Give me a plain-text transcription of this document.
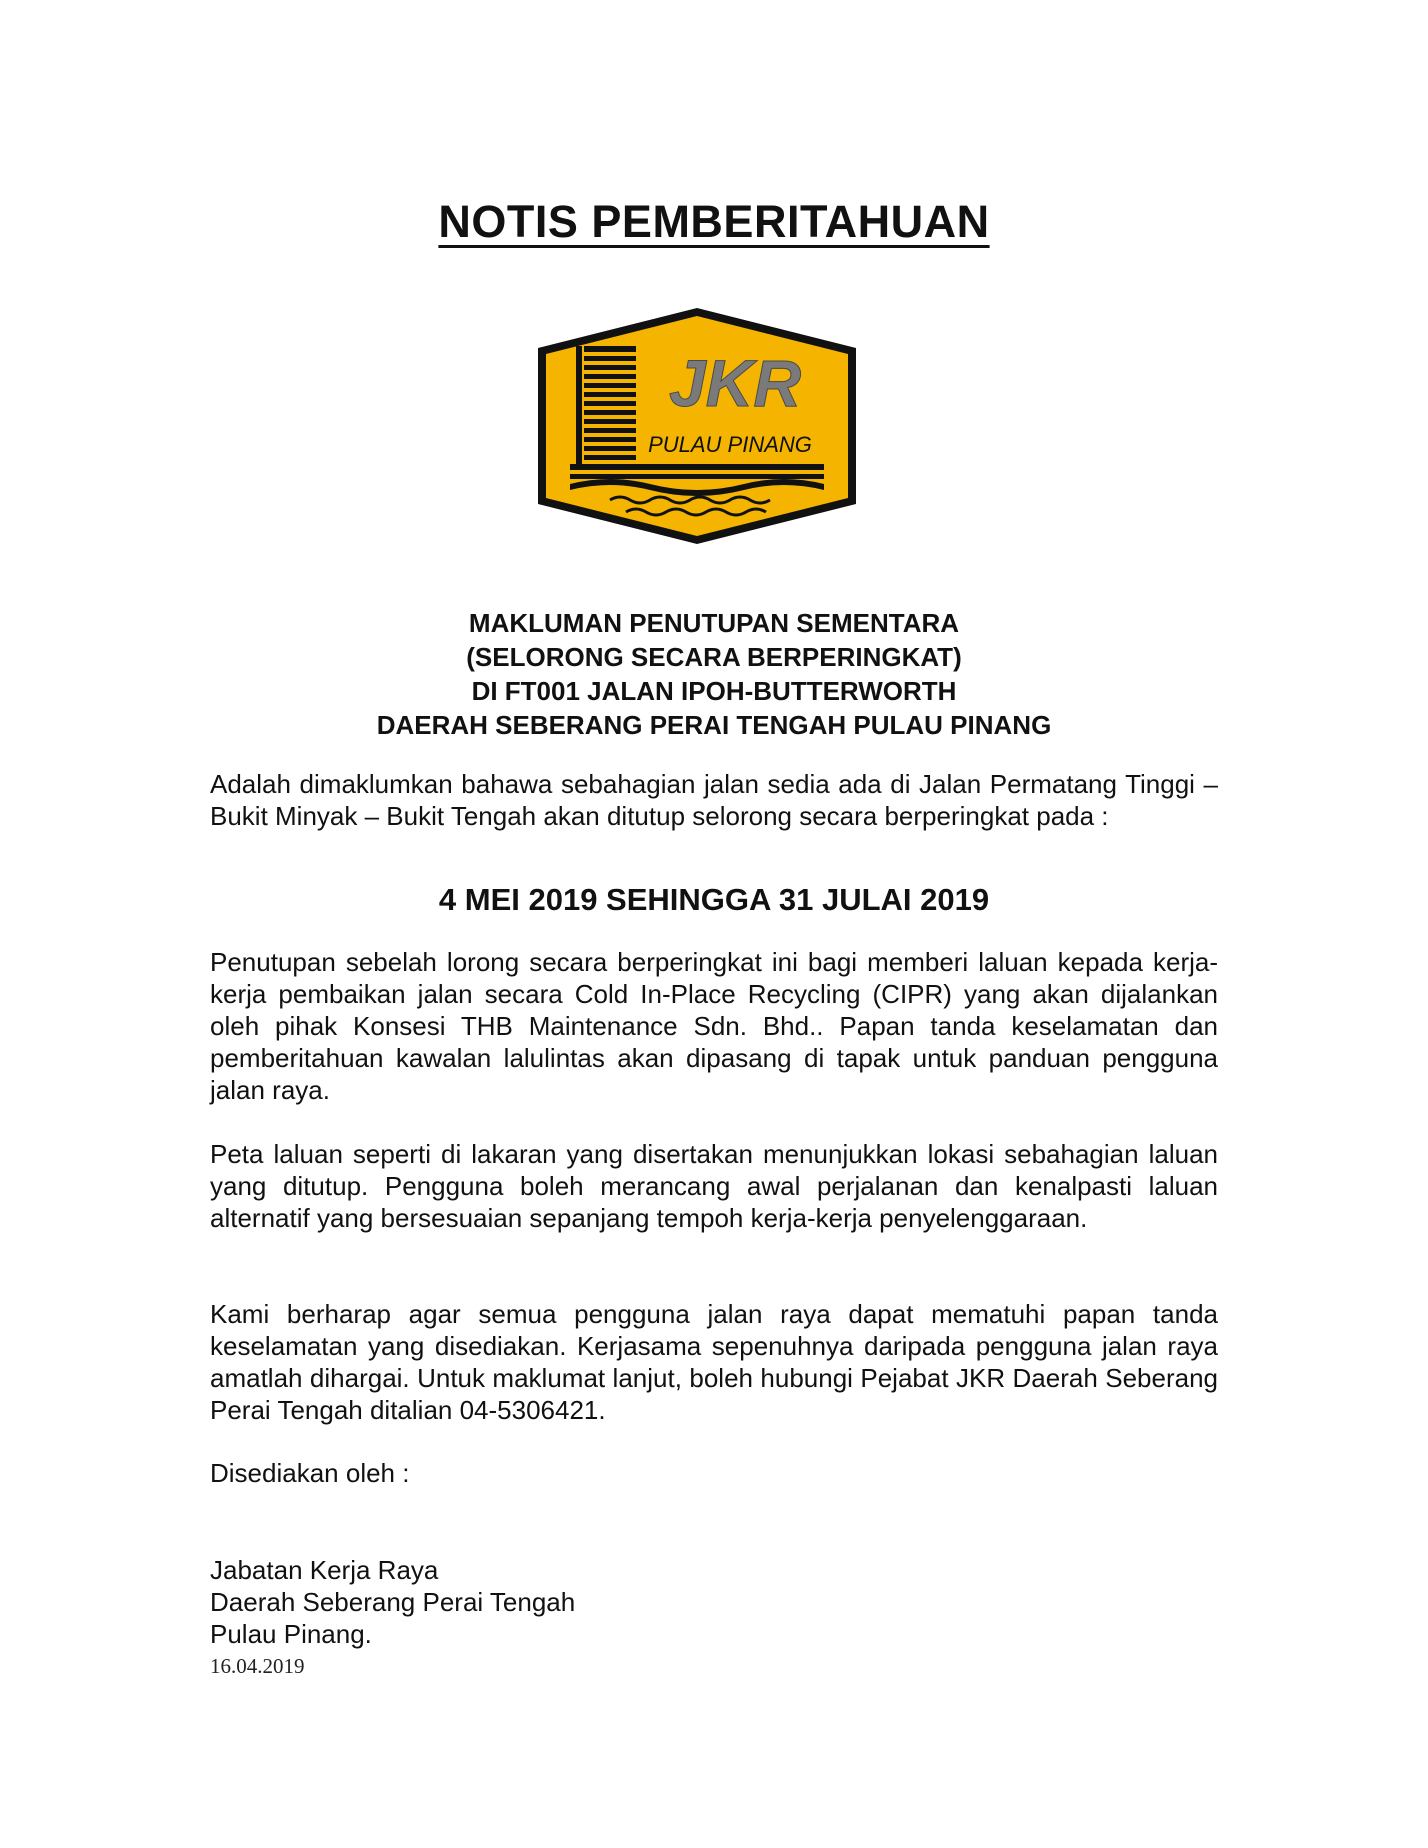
NOTIS PEMBERITAHUAN
JKR
PULAU PINANG
MAKLUMAN PENUTUPAN SEMENTARA
(SELORONG SECARA BERPERINGKAT)
DI FT001 JALAN IPOH-BUTTERWORTH
DAERAH SEBERANG PERAI TENGAH PULAU PINANG
Adalah dimaklumkan bahawa sebahagian jalan sedia ada di Jalan Permatang Tinggi – Bukit Minyak – Bukit Tengah akan ditutup selorong secara berperingkat pada :
4 MEI 2019 SEHINGGA 31 JULAI 2019
Penutupan sebelah lorong secara berperingkat ini bagi memberi laluan kepada kerja-kerja pembaikan jalan secara Cold In-Place Recycling (CIPR) yang akan dijalankan oleh pihak Konsesi THB Maintenance Sdn. Bhd.. Papan tanda keselamatan dan pemberitahuan kawalan lalulintas akan dipasang di tapak untuk panduan pengguna jalan raya.
Peta laluan seperti di lakaran yang disertakan menunjukkan lokasi sebahagian laluan yang ditutup. Pengguna boleh merancang awal perjalanan dan kenalpasti laluan alternatif yang bersesuaian sepanjang tempoh kerja-kerja penyelenggaraan.
Kami berharap agar semua pengguna jalan raya dapat mematuhi papan tanda keselamatan yang disediakan. Kerjasama sepenuhnya daripada pengguna jalan raya amatlah dihargai. Untuk maklumat lanjut, boleh hubungi Pejabat JKR Daerah Seberang Perai Tengah ditalian 04-5306421.
Disediakan oleh :
Jabatan Kerja Raya
Daerah Seberang Perai Tengah
Pulau Pinang.
16.04.2019
